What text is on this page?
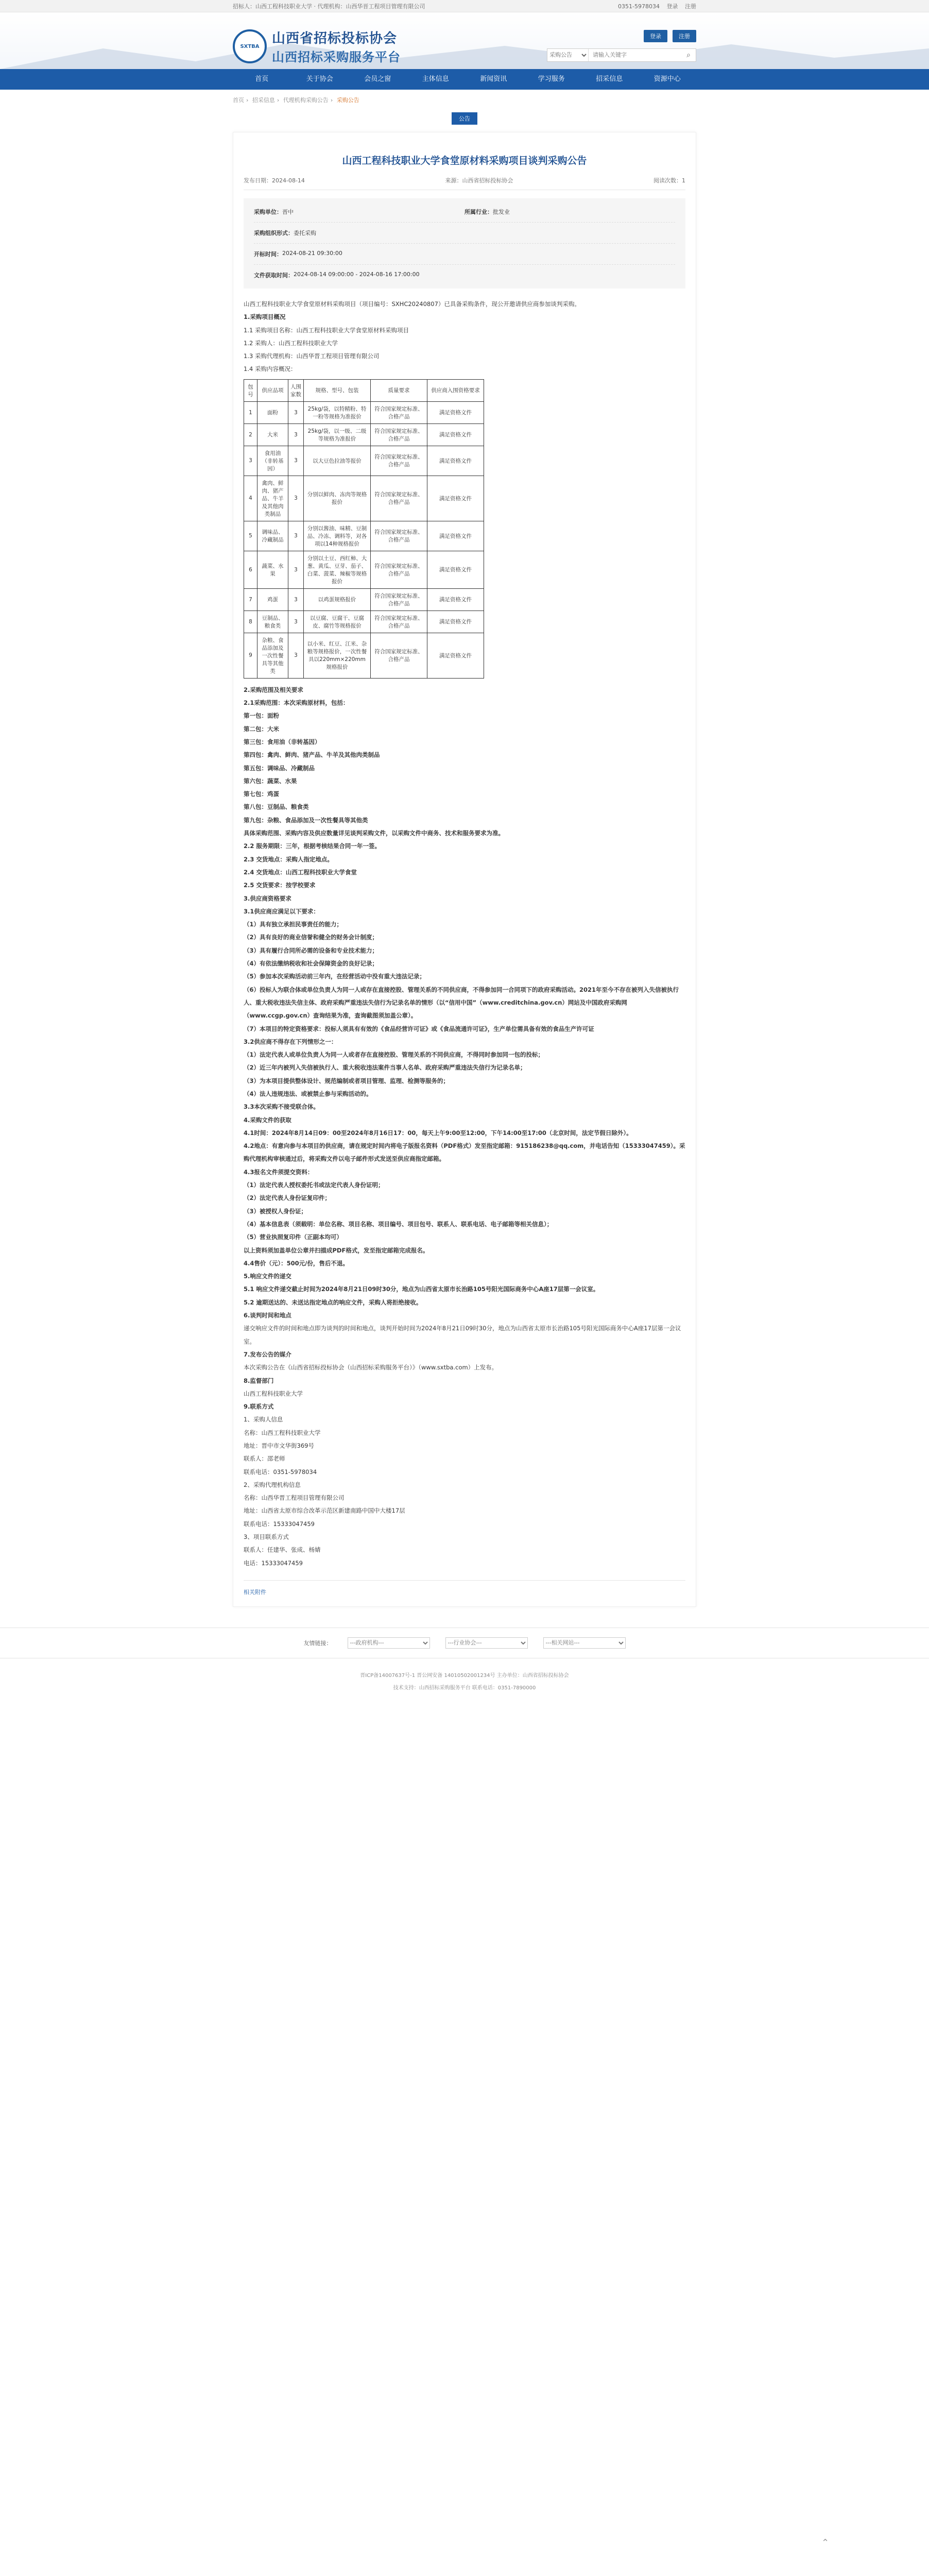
招标人：山西工程科技职业大学 · 代理机构：山西华晋工程项目管理有限公司	0351-5978034 登录 注册
SXTBA 山西省招标投标协会
山西招标采购服务平台
登录	注册
采购公告
请输入关键字
⌕
首页	关于协会	会员之窗	主体信息	新闻资讯	学习服务	招采信息	资源中心
首页 › 招采信息 › 代理机构采购公告 › 采购公告
公告
山西工程科技职业大学食堂原材料采购项目谈判采购公告
发布日期：2024-08-14	来源：山西省招标投标协会	阅读次数：1
采购单位：晋中	所属行业：批发业
采购组织形式： 委托采购
开标时间： 2024-08-21 09:30:00
文件获取时间： 2024-08-14 09:00:00 - 2024-08-16 17:00:00

山西工程科技职业大学食堂原材料采购项目（项目编号：SXHC20240807）已具备采购条件，现公开邀请供应商参加谈判采购。

1.采购项目概况

1.1 采购项目名称：山西工程科技职业大学食堂原材料采购项目

1.2 采购人：山西工程科技职业大学

1.3 采购代理机构：山西华晋工程项目管理有限公司

1.4 采购内容概况：

包号	供应品项	人围家数	规格、型号、包装	质量要求	供应商入围资格要求
1	面粉	3	25kg/袋，以特精粉、特一粉等规格为准报价	符合国家规定标准、合格产品	满足资格文件
2	大米	3	25kg/袋，以一级、二级等规格为准报价	符合国家规定标准、合格产品	满足资格文件
3	食用油（非转基因）	3	以大豆色拉油等报价	符合国家规定标准、合格产品	满足资格文件
4	禽肉、鲜肉、猪产品、牛羊及其他肉类制品	3	分别以鲜肉、冻肉等规格报价	符合国家规定标准、合格产品	满足资格文件
5	调味品、冷藏制品	3	分别以酱油、味精、豆制品、冷冻、调料等，对各项以14种规格报价	符合国家规定标准、合格产品	满足资格文件
6	蔬菜、水果	3	分别以土豆、西红柿、大葱、黄瓜、豆芽、茄子、白菜、菠菜、辣椒等规格报价	符合国家规定标准、合格产品	满足资格文件
7	鸡蛋	3	以鸡蛋规格报价	符合国家规定标准、合格产品	满足资格文件
8	豆制品、粮食类	3	以豆腐、豆腐干、豆腐皮、腐竹等规格报价	符合国家规定标准、合格产品	满足资格文件
9	杂粮、食品添加及一次性餐具等其他类	3	以小米、红豆、江米、杂粮等规格报价，一次性餐具以220mm×220mm规格报价	符合国家规定标准、合格产品	满足资格文件

2.采购范围及相关要求

2.1采购范围：本次采购原材料，包括：

第一包：面粉

第二包：大米

第三包：食用油（非转基因）

第四包：禽肉、鲜肉、猪产品、牛羊及其他肉类制品

第五包：调味品、冷藏制品

第六包：蔬菜、水果

第七包：鸡蛋

第八包：豆制品、粮食类

第九包：杂粮、食品添加及一次性餐具等其他类

具体采购范围、采购内容及供应数量详见谈判采购文件，以采购文件中商务、技术和服务要求为准。

2.2 服务期限：三年，根据考核结果合同一年一签。

2.3 交货地点：采购人指定地点。

2.4 交货地点：山西工程科技职业大学食堂

2.5 交货要求：按学校要求

3.供应商资格要求

3.1供应商应满足以下要求：

（1）具有独立承担民事责任的能力；

（2）具有良好的商业信誉和健全的财务会计制度；

（3）具有履行合同所必需的设备和专业技术能力；

（4）有依法缴纳税收和社会保障资金的良好记录；

（5）参加本次采购活动前三年内，在经营活动中没有重大违法记录；

（6）投标人为联合体或单位负责人为同一人或存在直接控股、管理关系的不同供应商，不得参加同一合同项下的政府采购活动。2021年至今不存在被列入失信被执行人、重大税收违法失信主体、政府采购严重违法失信行为记录名单的情形（以“信用中国”（www.creditchina.gov.cn）网站及中国政府采购网（www.ccgp.gov.cn）查询结果为准，查询截图须加盖公章）。

（7）本项目的特定资格要求：投标人须具有有效的《食品经营许可证》或《食品流通许可证》，生产单位需具备有效的食品生产许可证

3.2供应商不得存在下列情形之一：

（1）法定代表人或单位负责人为同一人或者存在直接控股、管理关系的不同供应商，不得同时参加同一包的投标；

（2）近三年内被列入失信被执行人、重大税收违法案件当事人名单、政府采购严重违法失信行为记录名单；

（3）为本项目提供整体设计、规范编制或者项目管理、监理、检测等服务的；

（4）法人违规违法、或被禁止参与采购活动的。

3.3本次采购不接受联合体。

4.采购文件的获取

4.1时间：2024年8月14日09：00至2024年8月16日17：00，每天上午9:00至12:00，下午14:00至17:00（北京时间，法定节假日除外）。

4.2地点：有意向参与本项目的供应商，请在规定时间内将电子版报名资料（PDF格式）发至指定邮箱：915186238@qq.com，并电话告知（15333047459）。采购代理机构审核通过后，将采购文件以电子邮件形式发送至供应商指定邮箱。

4.3报名文件须提交资料：

（1）法定代表人授权委托书或法定代表人身份证明；

（2）法定代表人身份证复印件；

（3）被授权人身份证；

（4）基本信息表（须载明：单位名称、项目名称、项目编号、项目包号、联系人、联系电话、电子邮箱等相关信息）；

（5）营业执照复印件（正副本均可）

以上资料须加盖单位公章并扫描成PDF格式，发至指定邮箱完成报名。

4.4售价（元）：500元/份，售后不退。

5.响应文件的递交

5.1 响应文件递交截止时间为2024年8月21日09时30分，地点为山西省太原市长治路105号阳光国际商务中心A座17层第一会议室。

5.2 逾期送达的、未送达指定地点的响应文件，采购人将拒绝接收。

6.谈判时间和地点

递交响应文件的时间和地点即为谈判的时间和地点，谈判开始时间为2024年8月21日09时30分，地点为山西省太原市长治路105号阳光国际商务中心A座17层第一会议室。

7.发布公告的媒介

本次采购公告在《山西省招标投标协会（山西招标采购服务平台）》（www.sxtba.com）上发布。

8.监督部门

山西工程科技职业大学

9.联系方式

1、采购人信息

名称：山西工程科技职业大学

地址：晋中市文华街369号

联系人：邵老师

联系电话：0351-5978034

2、采购代理机构信息

名称：山西华晋工程项目管理有限公司

地址：山西省太原市综合改革示范区新建南路中国中大楼17层

联系电话：15333047459

3、项目联系方式

联系人：任建华、张成、杨婧

电话：15333047459

相关附件
友情链接：
---政府机构---
---行业协会---
---相关网站---
晋ICP备14007637号-1 晋公网安备 14010502001234号 主办单位：山西省招标投标协会
技术支持：山西招标采购服务平台 联系电话：0351-7890000
⌃
